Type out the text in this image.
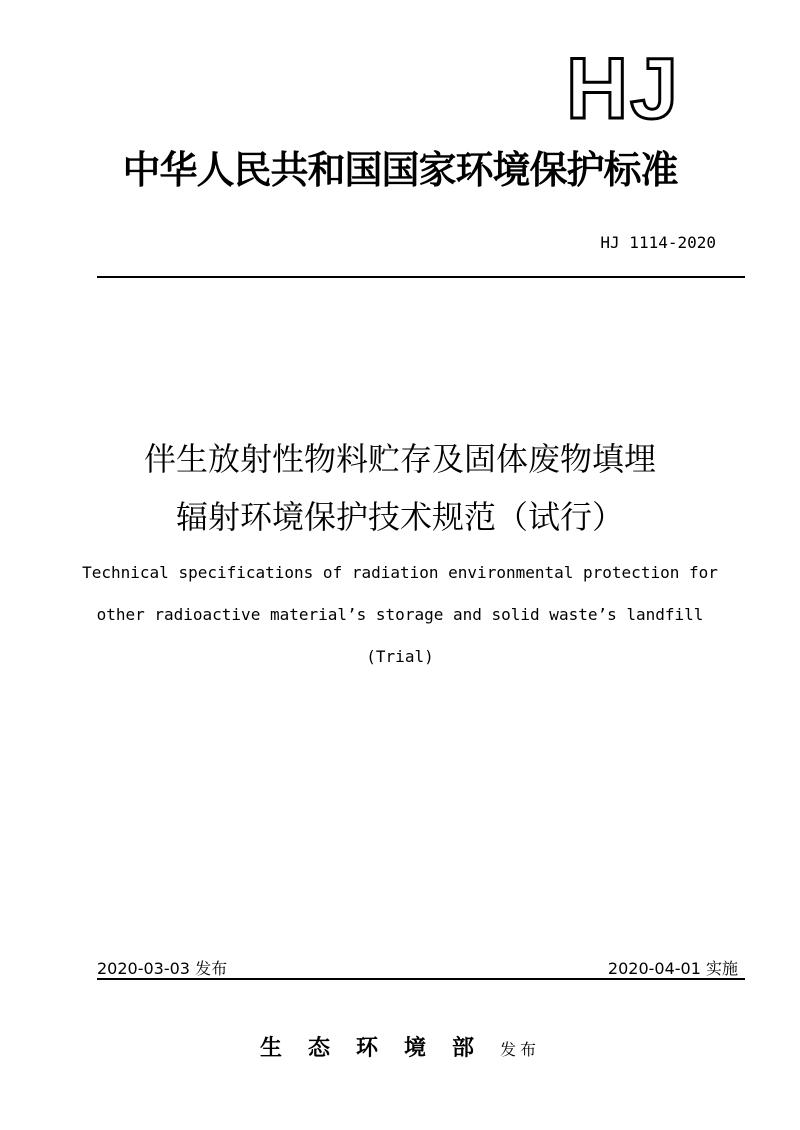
HJ
中华人民共和国国家环境保护标准
HJ 1114-2020
伴生放射性物料贮存及固体废物填埋
辐射环境保护技术规范（试行）
Technical specifications of radiation environmental protection for
other radioactive material’s storage and solid waste’s landfill
(Trial)
2020-03-03 发布	2020-04-01 实施
生态环境部发布
